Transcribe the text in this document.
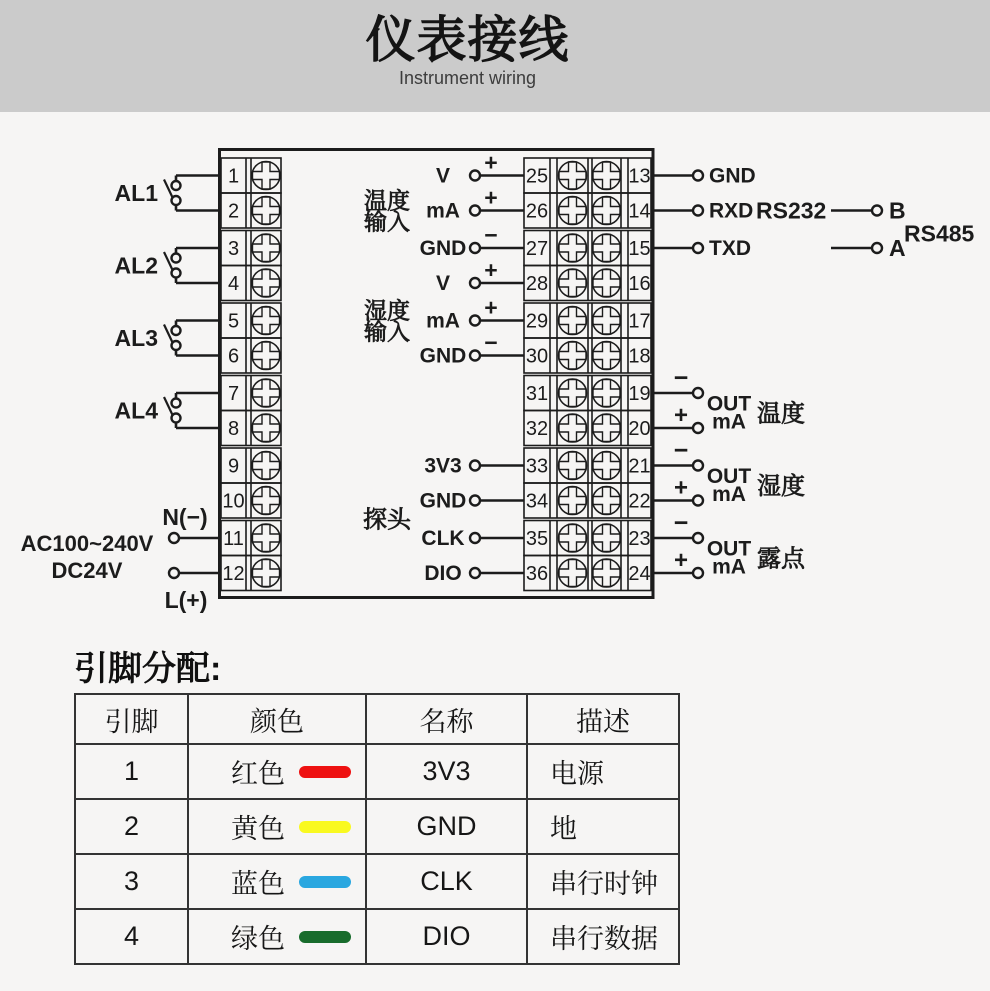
仪表接线
Instrument wiring
1
2
3
4
5
6
7
8
9
10
11
12
25	13
26	14
27	15
28	16
29	17
30	18
31	19
32	20
33	21
34	22
35	23
36	24
AL1
AL2
AL3
AL4
N(−)
L(+)
AC100~240V
DC24V
温度
输入
V
+
mA
+
GND
−
湿度
输入
V
+
mA
+
GND
−
探头
3V3
GND
CLK
DIO
GND
RXD
TXD
RS232	B
A
RS485
−
+ OUT
mA 温度
−
+ OUT
mA 湿度
−
+ OUT
mA 露点
引脚分配:
引脚	颜色	名称	描述
1	红色	3V3	电源
2	黄色	GND	地
3	蓝色	CLK	串行时钟
4	绿色	DIO	串行数据
